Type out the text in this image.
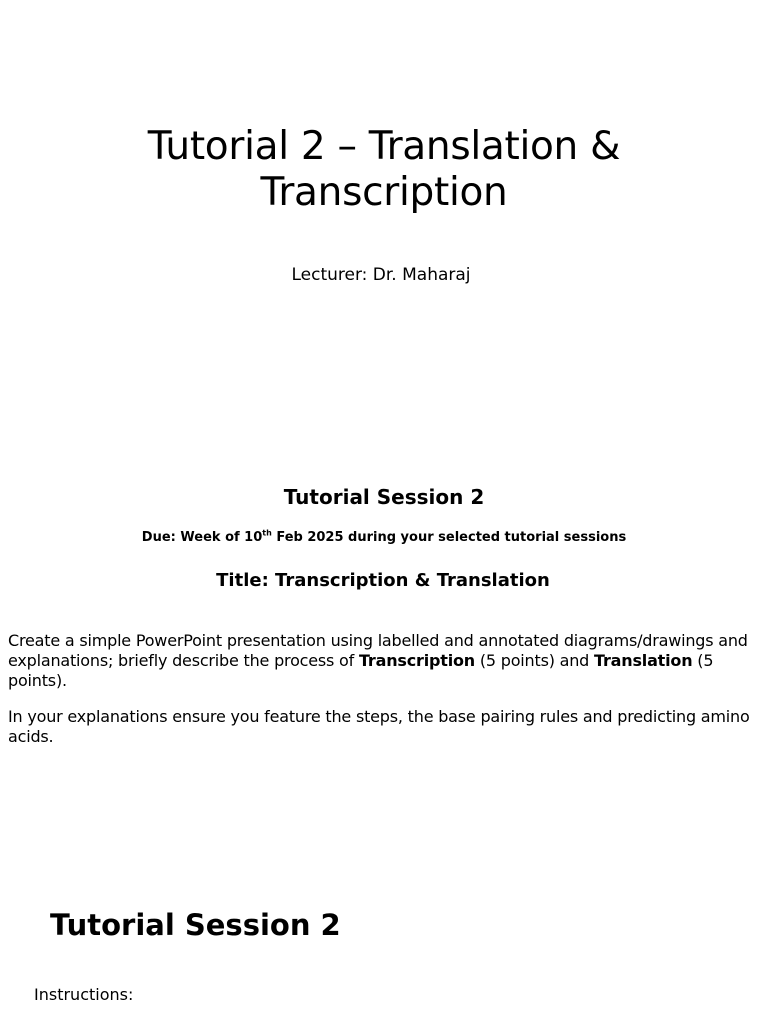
Tutorial 2 – Translation &
Transcription
Lecturer: Dr. Maharaj
Tutorial Session 2
Due: Week of 10th Feb 2025 during your selected tutorial sessions
Title: Transcription & Translation
Create a simple PowerPoint presentation using labelled and annotated diagrams/drawings and explanations; briefly describe the process of Transcription (5 points) and Translation (5 points).
In your explanations ensure you feature the steps, the base pairing rules and predicting amino acids.
Tutorial Session 2
Instructions:
